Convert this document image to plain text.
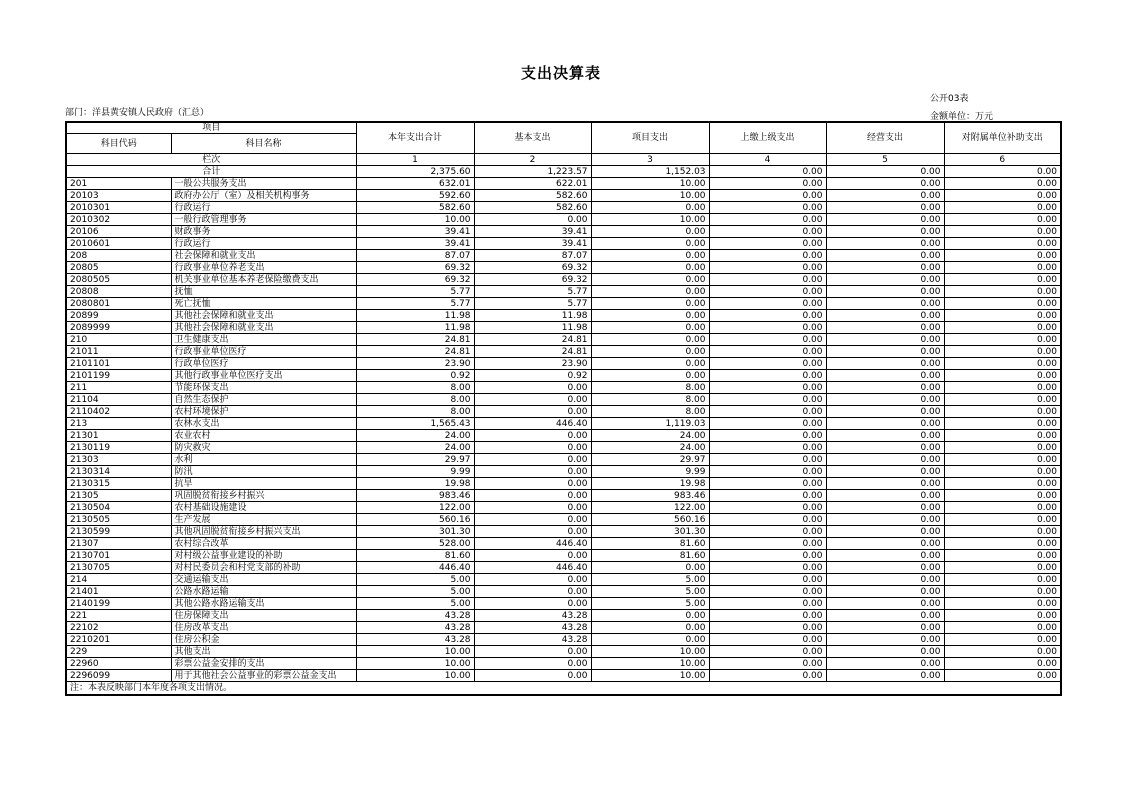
支出决算表
公开03表
金额单位：万元
部门：洋县黄安镇人民政府（汇总）
项目		本年支出合计	基本支出	项目支出	上缴上级支出	经营支出	对附属单位补助支出
科目代码	科目名称						
栏次		1	2	3	4	5	6
合计		2,375.60	1,223.57	1,152.03	0.00	0.00	0.00
201	一般公共服务支出	632.01	622.01	10.00	0.00	0.00	0.00
20103	政府办公厅（室）及相关机构事务	592.60	582.60	10.00	0.00	0.00	0.00
2010301	行政运行	582.60	582.60	0.00	0.00	0.00	0.00
2010302	一般行政管理事务	10.00	0.00	10.00	0.00	0.00	0.00
20106	财政事务	39.41	39.41	0.00	0.00	0.00	0.00
2010601	行政运行	39.41	39.41	0.00	0.00	0.00	0.00
208	社会保障和就业支出	87.07	87.07	0.00	0.00	0.00	0.00
20805	行政事业单位养老支出	69.32	69.32	0.00	0.00	0.00	0.00
2080505	机关事业单位基本养老保险缴费支出	69.32	69.32	0.00	0.00	0.00	0.00
20808	抚恤	5.77	5.77	0.00	0.00	0.00	0.00
2080801	死亡抚恤	5.77	5.77	0.00	0.00	0.00	0.00
20899	其他社会保障和就业支出	11.98	11.98	0.00	0.00	0.00	0.00
2089999	其他社会保障和就业支出	11.98	11.98	0.00	0.00	0.00	0.00
210	卫生健康支出	24.81	24.81	0.00	0.00	0.00	0.00
21011	行政事业单位医疗	24.81	24.81	0.00	0.00	0.00	0.00
2101101	行政单位医疗	23.90	23.90	0.00	0.00	0.00	0.00
2101199	其他行政事业单位医疗支出	0.92	0.92	0.00	0.00	0.00	0.00
211	节能环保支出	8.00	0.00	8.00	0.00	0.00	0.00
21104	自然生态保护	8.00	0.00	8.00	0.00	0.00	0.00
2110402	农村环境保护	8.00	0.00	8.00	0.00	0.00	0.00
213	农林水支出	1,565.43	446.40	1,119.03	0.00	0.00	0.00
21301	农业农村	24.00	0.00	24.00	0.00	0.00	0.00
2130119	防灾救灾	24.00	0.00	24.00	0.00	0.00	0.00
21303	水利	29.97	0.00	29.97	0.00	0.00	0.00
2130314	防汛	9.99	0.00	9.99	0.00	0.00	0.00
2130315	抗旱	19.98	0.00	19.98	0.00	0.00	0.00
21305	巩固脱贫衔接乡村振兴	983.46	0.00	983.46	0.00	0.00	0.00
2130504	农村基础设施建设	122.00	0.00	122.00	0.00	0.00	0.00
2130505	生产发展	560.16	0.00	560.16	0.00	0.00	0.00
2130599	其他巩固脱贫衔接乡村振兴支出	301.30	0.00	301.30	0.00	0.00	0.00
21307	农村综合改革	528.00	446.40	81.60	0.00	0.00	0.00
2130701	对村级公益事业建设的补助	81.60	0.00	81.60	0.00	0.00	0.00
2130705	对村民委员会和村党支部的补助	446.40	446.40	0.00	0.00	0.00	0.00
214	交通运输支出	5.00	0.00	5.00	0.00	0.00	0.00
21401	公路水路运输	5.00	0.00	5.00	0.00	0.00	0.00
2140199	其他公路水路运输支出	5.00	0.00	5.00	0.00	0.00	0.00
221	住房保障支出	43.28	43.28	0.00	0.00	0.00	0.00
22102	住房改革支出	43.28	43.28	0.00	0.00	0.00	0.00
2210201	住房公积金	43.28	43.28	0.00	0.00	0.00	0.00
229	其他支出	10.00	0.00	10.00	0.00	0.00	0.00
22960	彩票公益金安排的支出	10.00	0.00	10.00	0.00	0.00	0.00
2296099	用于其他社会公益事业的彩票公益金支出	10.00	0.00	10.00	0.00	0.00	0.00
注：本表反映部门本年度各项支出情况。							
